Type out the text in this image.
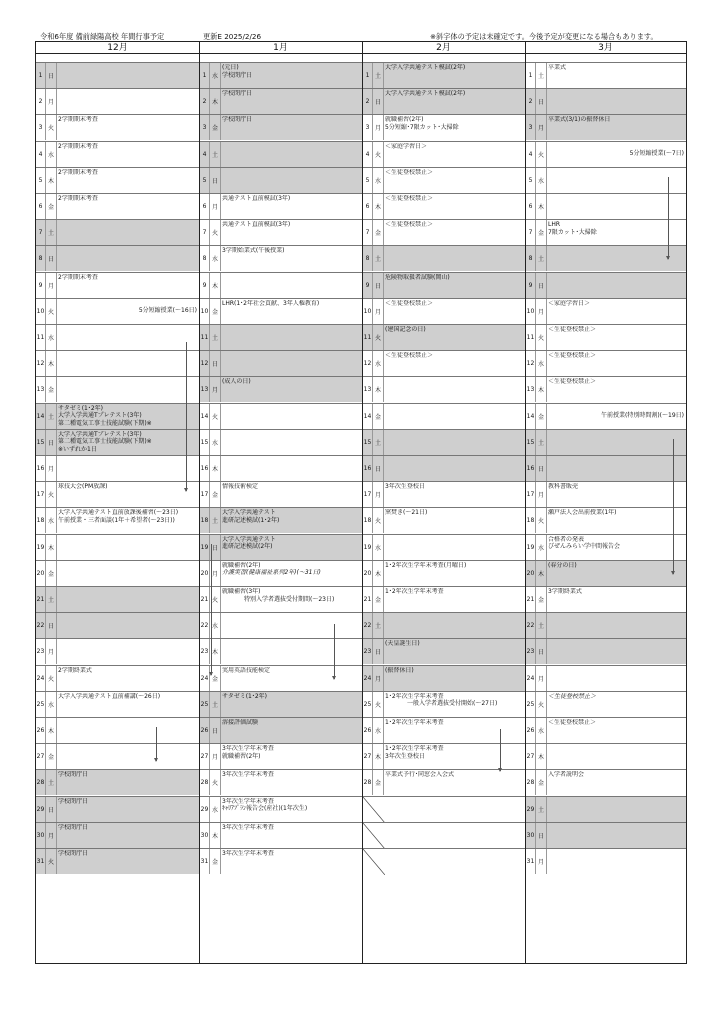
令和6年度 備前緑陽高校 年間行事予定	更新E 2025/2/26	※斜字体の予定は未確定です。今後予定が変更になる場合もあります。
12月
1 日
2 月
3 火
2学期期末考査
4 水
2学期期末考査
5 木
2学期期末考査
6 金
2学期期末考査
7 土
8 日
9 月
2学期期末考査
10 火
	5分短縮授業(～16日)
11 水
12 木
13 金
14 土
サタゼミ(1･2年)
大学入学共通Tプレテスト(3年)
第二種電気工事士技能試験(下期)※
15 日
大学入学共通Tプレテスト(3年)
第二種電気工事士技能試験(下期)※
※いずれか1日
16 月
17 火
球技大会(PM放課)
18 水
大学入学共通テスト直前放課後補習(～23日)
午前授業・三者面談(1年＋希望者(～23日))
19 木
20 金
21 土
22 日
23 月
24 火
2学期終業式
25 水
大学入学共通テスト直前補講(～26日)
26 木
27 金
28 土
学校閉庁日
29 日
学校閉庁日
30 月
学校閉庁日
31 火
学校閉庁日
1月
1 水
(元日)
学校閉庁日
2 木
学校閉庁日
3 金
学校閉庁日
4 土
5 日
6 月
共通テスト直前模試(3年)
7 火
共通テスト直前模試(3年)
8 水
3学期始業式(午後授業)
9 木
10 金
LHR(1･2年社会貢献、3年人権教育)
11 土
12 日
13 月
(成人の日)
14 火
15 水
16 木
17 金
情報技術検定
18 土
大学入学共通テスト
進研記述模試(1･2年)
19 日
大学入学共通テスト
進研記述模試(2年)
20 月
就職補習(2年)
介護実習(健康福祉系列2年)(～31日)
21 火
就職補習(3年)
特別入学者選抜受付期間(～23日)
22 水
23 木
24 金
実用英語技能検定
25 土
サタゼミ(1･2年)
26 日
溶接評価試験
27 月
3年次生学年末考査
就職補習(2年)
28 火
3年次生学年末考査
29 水
3年次生学年末考査
ｷｬﾘｱﾌﾟﾗﾝ報告会(産社)(1年次生)
30 木
3年次生学年末考査
31 金
3年次生学年末考査
2月
1 土
大学入学共通テスト模試(2年)
2 日
大学入学共通テスト模試(2年)
3 月
就職補習(2年)
5分短縮･7限カット･大掃除
4 火
＜家庭学習日＞
5 水
＜生徒登校禁止＞
6 木
＜生徒登校禁止＞
7 金
＜生徒登校禁止＞
8 土
9 日
危険物取扱者試験(岡山)
10 月
＜生徒登校禁止＞
11 火
(建国記念の日)
12 水
＜生徒登校禁止＞
13 木
14 金
15 土
16 日
17 月
3年次生登校日
18 火
窯焚き(～21日)
19 水
20 木
1･2年次生学年末考査(月曜日)
21 金
1･2年次生学年末考査
22 土
23 日
(天皇誕生日)
24 月
(振替休日)
25 火
1･2年次生学年末考査
一般入学者選抜受付開始(～27日)
26 水
1･2年次生学年末考査
27 木
1･2年次生学年末考査
3年次生登校日
28 金
卒業式予行･同窓会入会式
3月
1 土
卒業式
2 日
3 月
卒業式(3/1)の振替休日
4 火
	5分短縮授業(～7日)
5 水
6 木
7 金
LHR
7限カット･大掃除
8 土
9 日
10 月
＜家庭学習日＞
11 火
＜生徒登校禁止＞
12 水
＜生徒登校禁止＞
13 木
＜生徒登校禁止＞
14 金
	午前授業(特別時間割)(～19日)
15 土
16 日
17 月
教科書販売
18 火
瀬戸法人会出前授業(1年)
19 水
合格者の発表
びぜんみらい学中間報告会
20 木
(春分の日)
21 金
3学期終業式
22 土
23 日
24 月
25 火
＜生徒登校禁止＞
26 水
＜生徒登校禁止＞
27 木
28 金
入学者説明会
29 土
30 日
31 月
